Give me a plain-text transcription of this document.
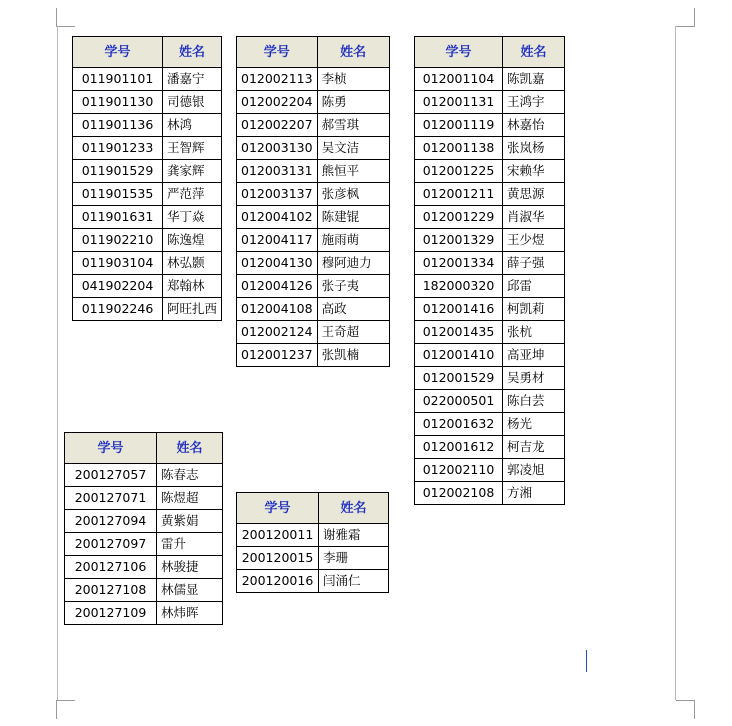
学号	姓名
011901101	潘嘉宁
011901130	司德银
011901136	林鸿
011901233	王智辉
011901529	龚家辉
011901535	严范萍
011901631	华丁焱
011902210	陈逸煌
011903104	林弘颢
041902204	郑翰林
011902246	阿旺扎西
学号	姓名
012002113	李桢
012002204	陈勇
012002207	郝雪琪
012003130	吴文洁
012003131	熊恒平
012003137	张彦枫
012004102	陈建锟
012004117	施雨萌
012004130	穆阿迪力
012004126	张子夷
012004108	高政
012002124	王奇超
012001237	张凯楠
学号	姓名
012001104	陈凯嘉
012001131	王鸿宇
012001119	林嘉怡
012001138	张岚杨
012001225	宋赖华
012001211	黄思源
012001229	肖淑华
012001329	王少煜
012001334	薛子强
182000320	邱雷
012001416	柯凯莉
012001435	张杭
012001410	高亚坤
012001529	吴勇材
022000501	陈白芸
012001632	杨光
012001612	柯吉龙
012002110	郭凌旭
012002108	方湘
学号	姓名
200127057	陈春志
200127071	陈煜超
200127094	黄紫娟
200127097	雷升
200127106	林骏捷
200127108	林儒显
200127109	林炜晖
学号	姓名
200120011	谢雅霜
200120015	李珊
200120016	闫涌仁
